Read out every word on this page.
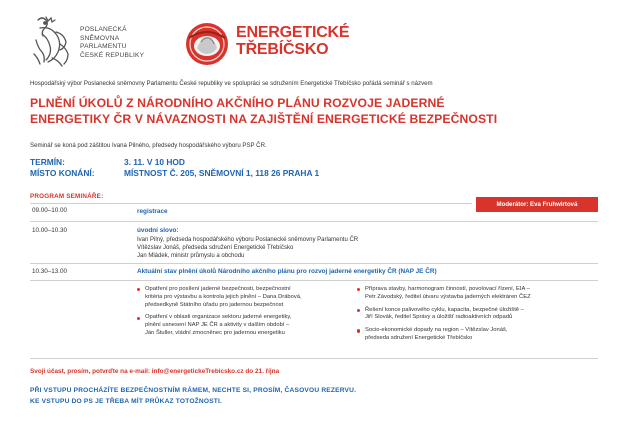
POSLANECKÁ
SNĚMOVNA
PARLAMENTU
ČESKÉ REPUBLIKY
ENERGETICKÉ
TŘEBÍČSKO
Hospodářský výbor Poslanecké sněmovny Parlamentu České republiky ve spolupráci se sdružením Energetické Třebíčsko pořádá seminář s názvem
PLNĚNÍ ÚKOLŮ Z NÁRODNÍHO AKČNÍHO PLÁNU ROZVOJE JADERNÉ
ENERGETIKY ČR V NÁVAZNOSTI NA ZAJIŠTĚNÍ ENERGETICKÉ BEZPEČNOSTI
Seminář se koná pod záštitou Ivana Pilného, předsedy hospodářského výboru PSP ČR.
TERMÍN:	3. 11. V 10 HOD
MÍSTO KONÁNÍ:	MÍSTNOST Č. 205, SNĚMOVNÍ 1, 118 26 PRAHA 1
PROGRAM SEMINÁŘE:
Moderátor: Eva Fruhwirtová
09.00–10.00	registrace
10.00–10.30	úvodní slovo:
Ivan Pilný, předseda hospodářského výboru Poslanecké sněmovny Parlamentu ČR
Vítězslav Jonáš, předseda sdružení Energetické Třebíčsko
Jan Mládek, ministr průmyslu a obchodu
10.30–13.00	Aktuální stav plnění úkolů Národního akčního plánu pro rozvoj jaderné energetiky ČR (NAP JE ČR)
Opatření pro posílení jaderné bezpečnosti, bezpečnostní
kritéria pro výstavbu a kontrola jejich plnění – Dana Drábová,
předsedkyně Státního úřadu pro jadernou bezpečnost
Opatření v oblasti organizace sektoru jaderné energetiky,
plnění usnesení NAP JE ČR a aktivity v dalším období –
Ján Štuller, vládní zmocněnec pro jadernou energetiku
Příprava stavby, harmonogram činností, povolovací řízení, EIA –
Petr Závodský, ředitel útvaru výstavba jaderných elektráren ČEZ
Řešení konce palivového cyklu, kapacita, bezpečné úložiště –
Jiří Slovák, ředitel Správy a úložišť radioaktivních odpadů
Socio-ekonomické dopady na region – Vítězslav Jonáš,
předseda sdružení Energetické Třebíčsko
Svoji účast, prosím, potvrďte na e-mail: info@energetickeTrebicsko.cz do 21. října
PŘI VSTUPU PROCHÁZÍTE BEZPEČNOSTNÍM RÁMEM, NECHTE SI, PROSÍM, ČASOVOU REZERVU.
KE VSTUPU DO PS JE TŘEBA MÍT PRŮKAZ TOTOŽNOSTI.
